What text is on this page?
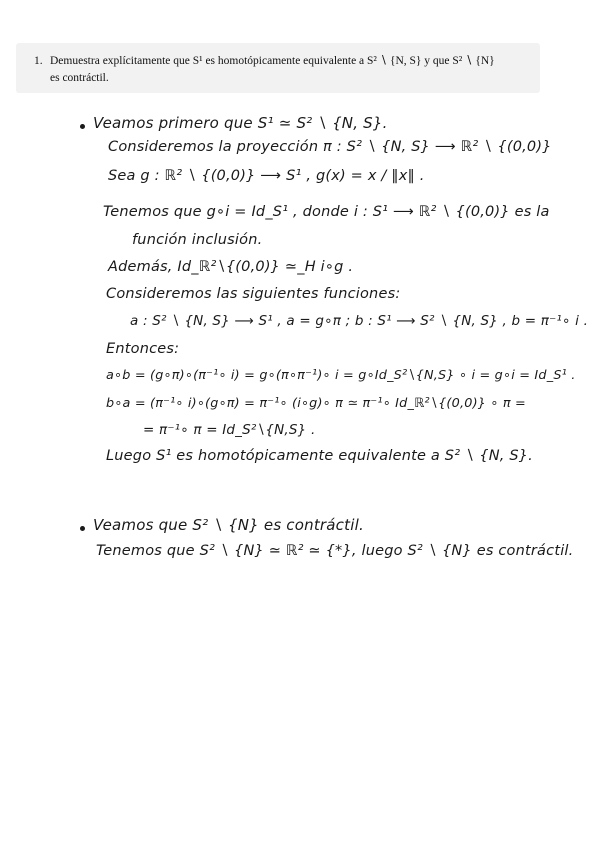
1. Demuestra explícitamente que S¹ es homotópicamente equivalente a S² ∖ {N, S} y que S² ∖ {N}
es contráctil.
Veamos primero que S¹ ≃ S² ∖ {N, S}.
Consideremos la proyección π : S² ∖ {N, S} ⟶ ℝ² ∖ {(0,0)}
Sea g : ℝ² ∖ {(0,0)} ⟶ S¹ , g(x) = x / ‖x‖ .
Tenemos que g∘i = Id_S¹ , donde i : S¹ ⟶ ℝ² ∖ {(0,0)} es la
función inclusión.
Además, Id_ℝ²∖{(0,0)} ≃_H i∘g .
Consideremos las siguientes funciones:
a : S² ∖ {N, S} ⟶ S¹ , a = g∘π ; b : S¹ ⟶ S² ∖ {N, S} , b = π⁻¹∘ i .
Entonces:
a∘b = (g∘π)∘(π⁻¹∘ i) = g∘(π∘π⁻¹)∘ i = g∘Id_S²∖{N,S} ∘ i = g∘i = Id_S¹ .
b∘a = (π⁻¹∘ i)∘(g∘π) = π⁻¹∘ (i∘g)∘ π ≃ π⁻¹∘ Id_ℝ²∖{(0,0)} ∘ π =
= π⁻¹∘ π = Id_S²∖{N,S} .
Luego S¹ es homotópicamente equivalente a S² ∖ {N, S}.
Veamos que S² ∖ {N} es contráctil.
Tenemos que S² ∖ {N} ≃ ℝ² ≃ {*}, luego S² ∖ {N} es contráctil.
